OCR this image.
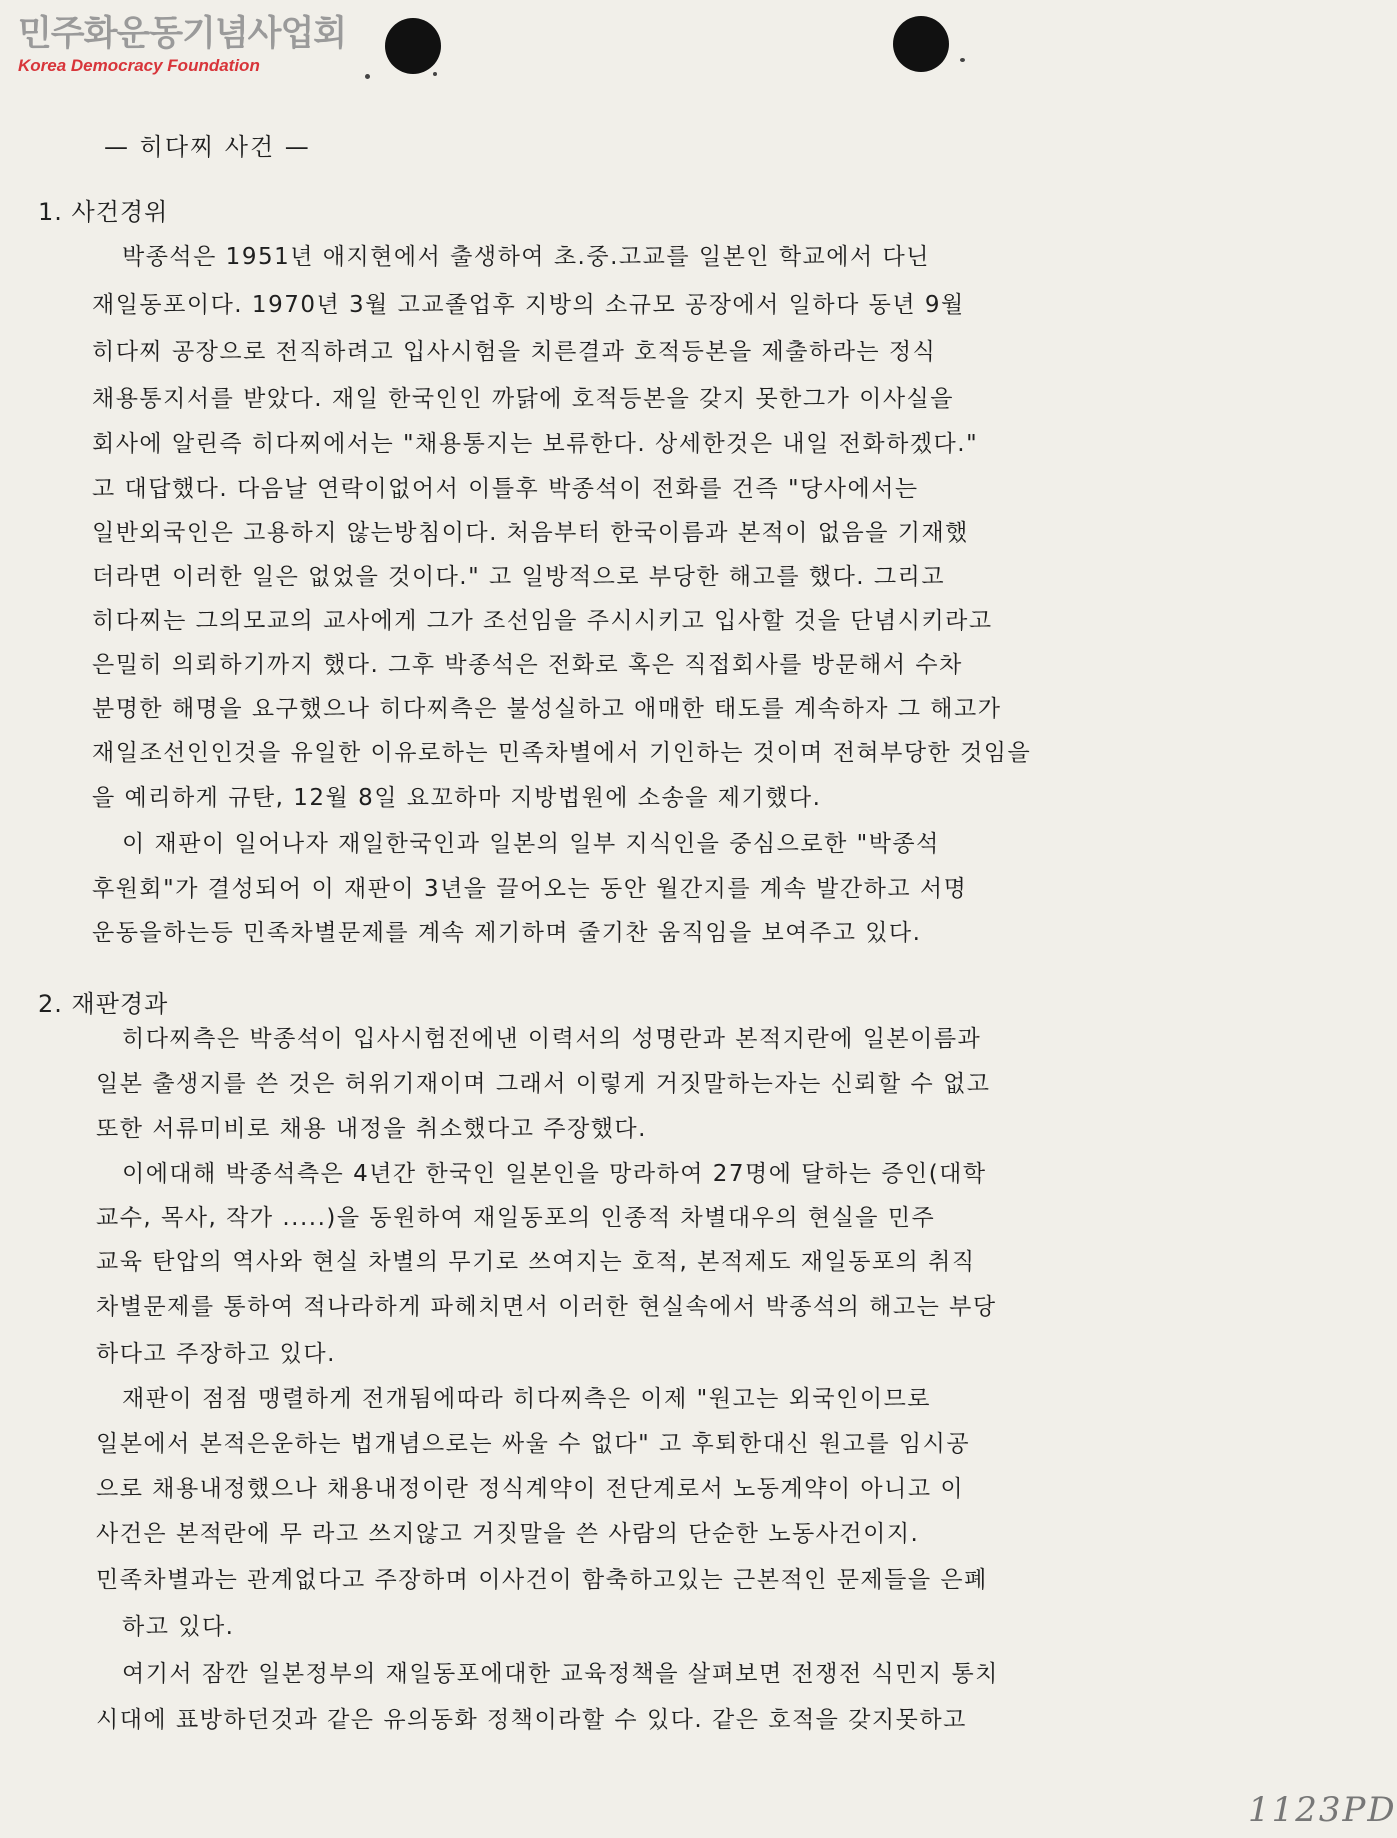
민주화운동기념사업회
Korea Democracy Foundation
— 히다찌 사건 —
1. 사건경위
박종석은 1951년 애지현에서 출생하여 초.중.고교를 일본인 학교에서 다닌
재일동포이다. 1970년 3월 고교졸업후 지방의 소규모 공장에서 일하다 동년 9월
히다찌 공장으로 전직하려고 입사시험을 치른결과 호적등본을 제출하라는 정식
채용통지서를 받았다. 재일 한국인인 까닭에 호적등본을 갖지 못한그가 이사실을
회사에 알린즉 히다찌에서는 "채용통지는 보류한다. 상세한것은 내일 전화하겠다."
고 대답했다. 다음날 연락이없어서 이틀후 박종석이 전화를 건즉 "당사에서는
일반외국인은 고용하지 않는방침이다. 처음부터 한국이름과 본적이 없음을 기재했
더라면 이러한 일은 없었을 것이다." 고 일방적으로 부당한 해고를 했다. 그리고
히다찌는 그의모교의 교사에게 그가 조선임을 주시시키고 입사할 것을 단념시키라고
은밀히 의뢰하기까지 했다. 그후 박종석은 전화로 혹은 직접회사를 방문해서 수차
분명한 해명을 요구했으나 히다찌측은 불성실하고 애매한 태도를 계속하자 그 해고가
재일조선인인것을 유일한 이유로하는 민족차별에서 기인하는 것이며 전혀부당한 것임을
을 예리하게 규탄, 12월 8일 요꼬하마 지방법원에 소송을 제기했다.
이 재판이 일어나자 재일한국인과 일본의 일부 지식인을 중심으로한 "박종석
후원회"가 결성되어 이 재판이 3년을 끌어오는 동안 월간지를 계속 발간하고 서명
운동을하는등 민족차별문제를 계속 제기하며 줄기찬 움직임을 보여주고 있다.
2. 재판경과
히다찌측은 박종석이 입사시험전에낸 이력서의 성명란과 본적지란에 일본이름과
일본 출생지를 쓴 것은 허위기재이며 그래서 이렇게 거짓말하는자는 신뢰할 수 없고
또한 서류미비로 채용 내정을 취소했다고 주장했다.
이에대해 박종석측은 4년간 한국인 일본인을 망라하여 27명에 달하는 증인(대학
교수, 목사, 작가 .....)을 동원하여 재일동포의 인종적 차별대우의 현실을 민주
교육 탄압의 역사와 현실 차별의 무기로 쓰여지는 호적, 본적제도 재일동포의 취직
차별문제를 통하여 적나라하게 파헤치면서 이러한 현실속에서 박종석의 해고는 부당
하다고 주장하고 있다.
재판이 점점 맹렬하게 전개됨에따라 히다찌측은 이제 "원고는 외국인이므로
일본에서 본적은운하는 법개념으로는 싸울 수 없다" 고 후퇴한대신 원고를 임시공
으로 채용내정했으나 채용내정이란 정식계약이 전단계로서 노동계약이 아니고 이
사건은 본적란에 무 라고 쓰지않고 거짓말을 쓴 사람의 단순한 노동사건이지.
민족차별과는 관계없다고 주장하며 이사건이 함축하고있는 근본적인 문제들을 은폐
하고 있다.
여기서 잠깐 일본정부의 재일동포에대한 교육정책을 살펴보면 전쟁전 식민지 통치
시대에 표방하던것과 같은 유의동화 정책이라할 수 있다. 같은 호적을 갖지못하고
1123PD
